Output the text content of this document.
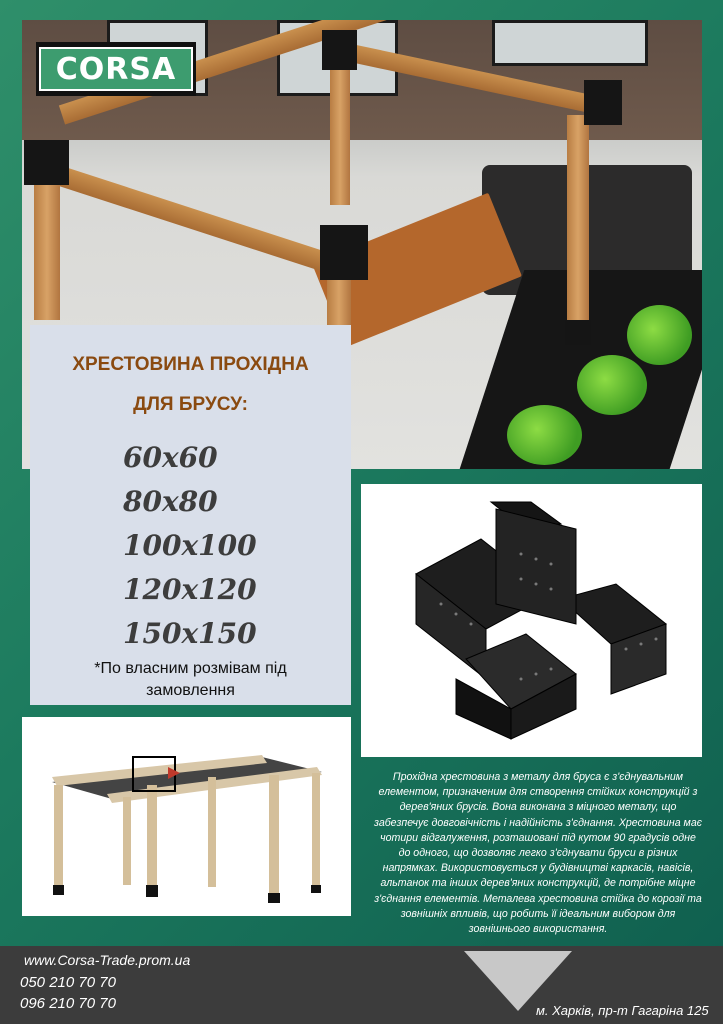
CORSA
ХРЕСТОВИНА ПРОХІДНА
ДЛЯ БРУСУ:
60x60
80x80
100x100
120x120
150x150
*По власним розмівам під
замовлення
Прохідна хрестовина з металу для бруса є з'єднувальним елементом, призначеним для створення стійких конструкцій з дерев'яних брусів. Вона виконана з міцного металу, що забезпечує довговічність і надійність з'єднання. Хрестовина має чотири відгалуження, розташовані під кутом 90 градусів одне до одного, що дозволяє легко з'єднувати бруси в різних напрямках. Використовується у будівництві каркасів, навісів, альтанок та інших дерев'яних конструкцій, де потрібне міцне з'єднання елементів. Металева хрестовина стійка до корозії та зовнішніх впливів, що робить її ідеальним вибором для зовнішнього використання.
www.Corsa-Trade.prom.ua
050 210 70 70
096 210 70 70	м. Харків, пр-т Гагаріна 125
